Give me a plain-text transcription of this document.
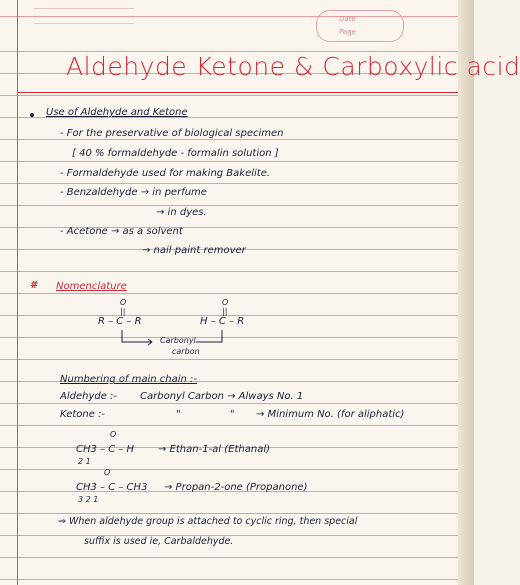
Date
Page
Aldehyde Ketone & Carboxylic acid
Use of Aldehyde and Ketone
- For the preservative of biological specimen
[ 40 % formaldehyde - formalin solution ]
- Formaldehyde used for making Bakelite.
- Benzaldehyde → in perfume
→ in dyes.
- Acetone → as a solvent
→ nail paint remover
# Nomenclature
O
||
R – C – R
O
||
H – C – R
Carbonyl
carbon
Numbering of main chain :-
Aldehyde :- Carbonyl Carbon → Always No. 1
Ketone :-	"	" → Minimum No. (for aliphatic)
O
CH3 – C – H
2 1
→ Ethan-1-al (Ethanal)
O
CH3 – C – CH3
3 2 1
→ Propan-2-one (Propanone)
⇒ When aldehyde group is attached to cyclic ring, then special
suffix is used ie, Carbaldehyde.
